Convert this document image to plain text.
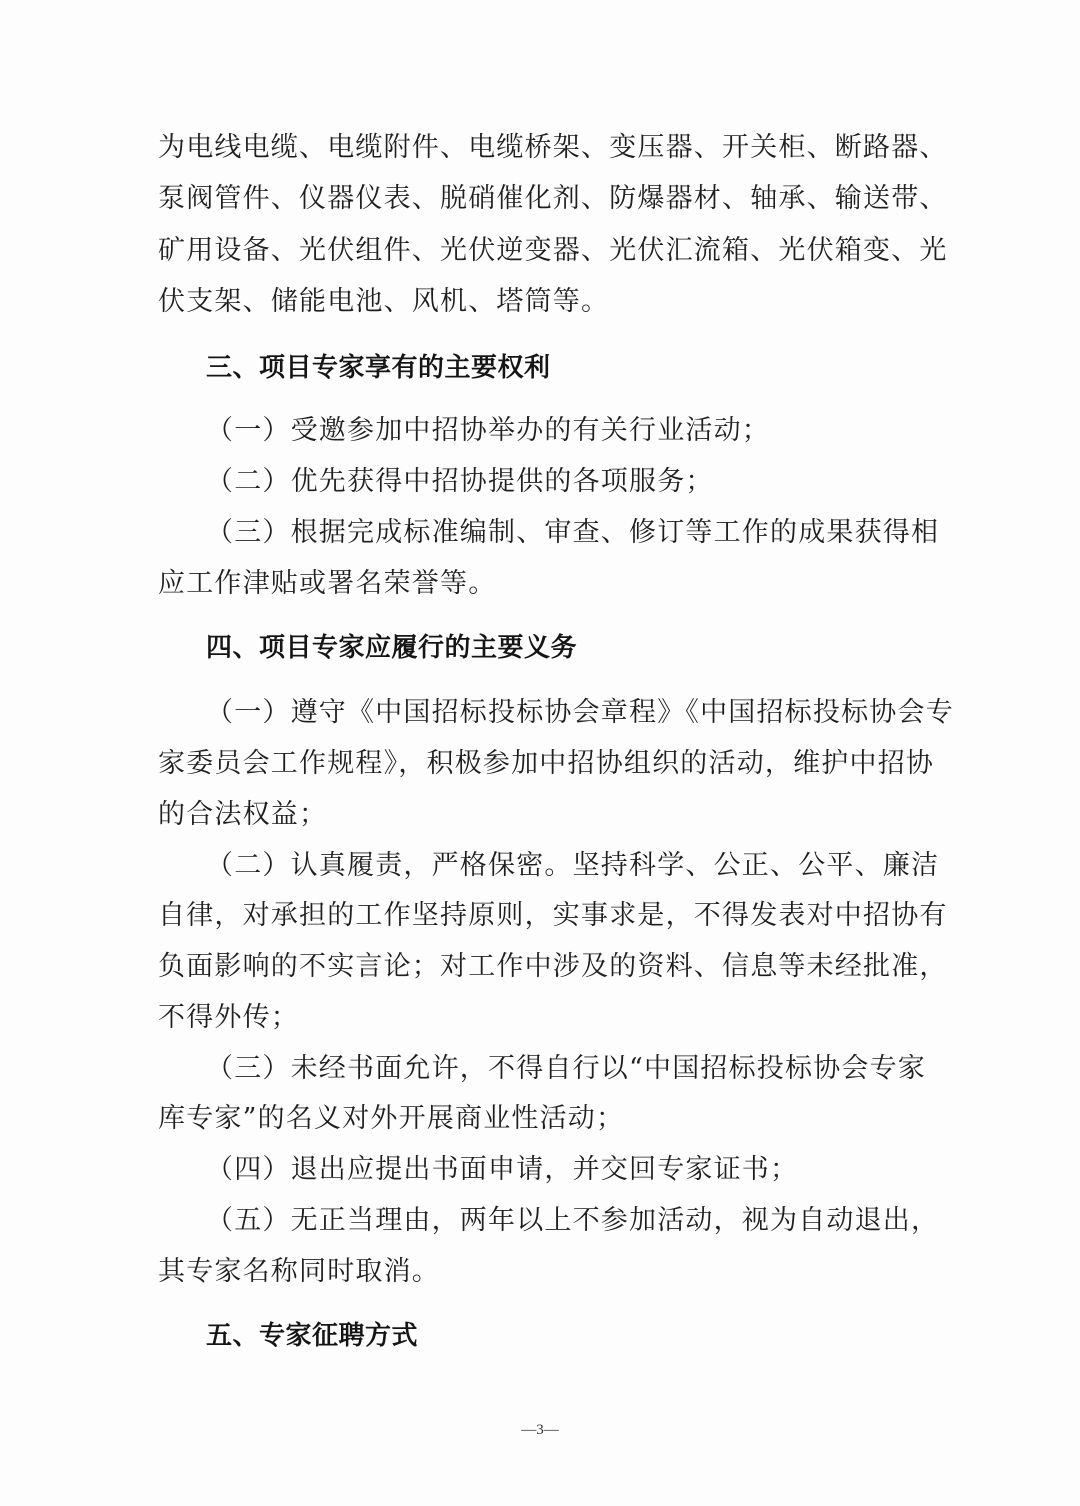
为电线电缆、电缆附件、电缆桥架、变压器、开关柜、断路器、
泵阀管件、仪器仪表、脱硝催化剂、防爆器材、轴承、输送带、
矿用设备、光伏组件、光伏逆变器、光伏汇流箱、光伏箱变、光
伏支架、储能电池、风机、塔筒等。
三、项目专家享有的主要权利
（一）受邀参加中招协举办的有关行业活动；
（二）优先获得中招协提供的各项服务；
（三）根据完成标准编制、审查、修订等工作的成果获得相
应工作津贴或署名荣誉等。
四、项目专家应履行的主要义务
（一）遵守《中国招标投标协会章程》《中国招标投标协会专
家委员会工作规程》，积极参加中招协组织的活动，维护中招协
的合法权益；
（二）认真履责，严格保密。坚持科学、公正、公平、廉洁
自律，对承担的工作坚持原则，实事求是，不得发表对中招协有
负面影响的不实言论；对工作中涉及的资料、信息等未经批准，
不得外传；
（三）未经书面允许，不得自行以“中国招标投标协会专家
库专家”的名义对外开展商业性活动；
（四）退出应提出书面申请，并交回专家证书；
（五）无正当理由，两年以上不参加活动，视为自动退出，
其专家名称同时取消。
五、专家征聘方式
—3—
